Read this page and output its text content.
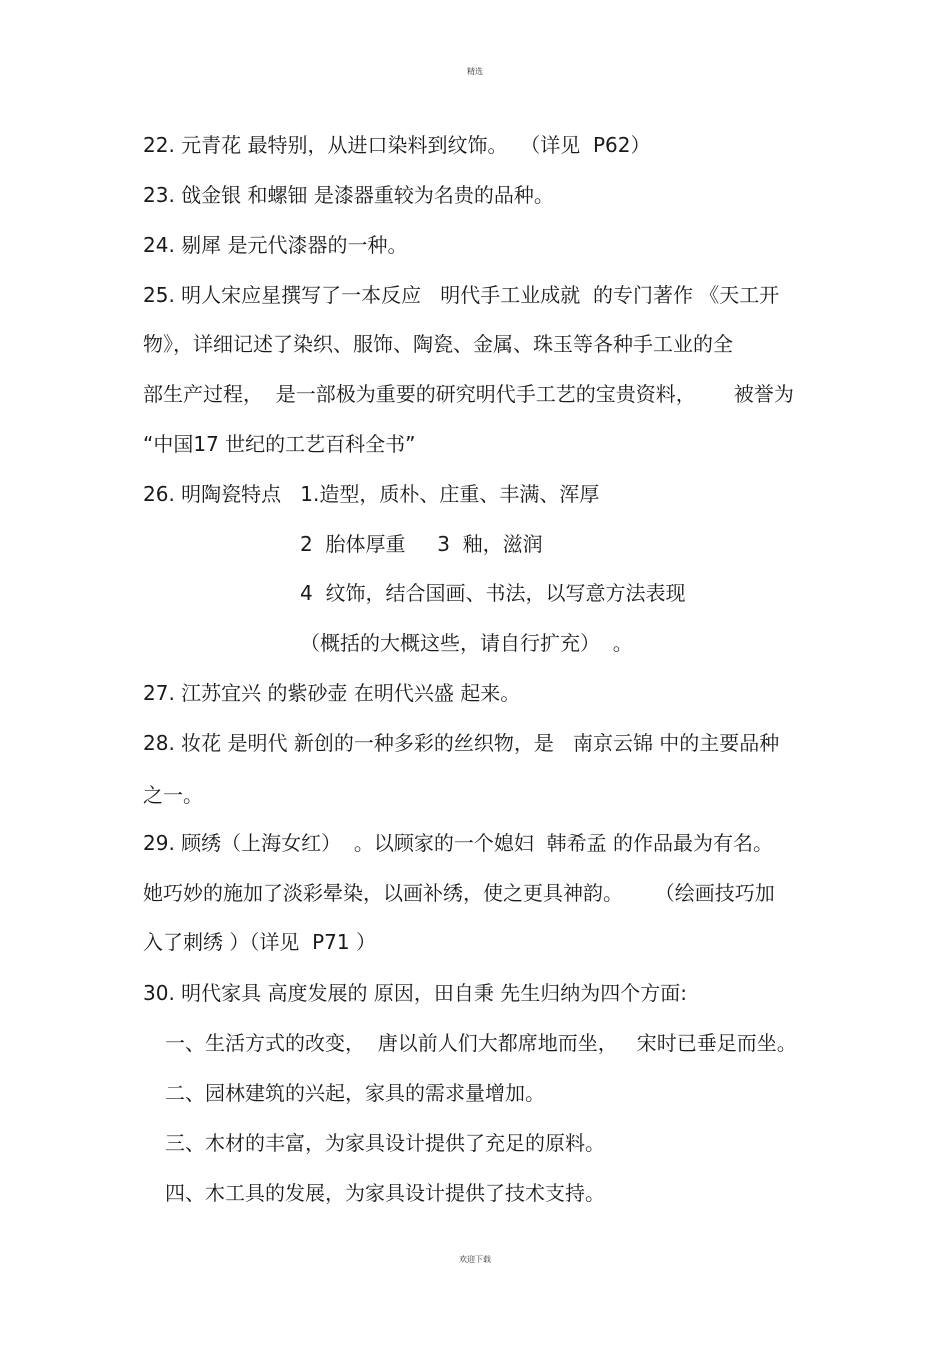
精选
22. 元青花 最特别，从进口染料到纹饰。  （详见  P62）
23. 戗金银 和螺钿 是漆器重较为名贵的品种。
24. 剔犀 是元代漆器的一种。
25. 明人宋应星撰写了一本反应   明代手工业成就  的专门著作 《天工开
物》，详细记述了染织、服饰、陶瓷、金属、珠玉等各种手工业的全
部生产过程，  是一部极为重要的研究明代手工艺的宝贵资料，      被誉为
“中国17 世纪的工艺百科全书”
26. 明陶瓷特点   1.造型，质朴、庄重、丰满、浑厚
2  胎体厚重     3  釉，滋润
4  纹饰，结合国画、书法，以写意方法表现
（概括的大概这些，请自行扩充）  。
27. 江苏宜兴 的紫砂壶 在明代兴盛 起来。
28. 妆花 是明代 新创的一种多彩的丝织物，是   南京云锦 中的主要品种
之一。
29. 顾绣（上海女红）  。以顾家的一个媳妇  韩希孟 的作品最为有名。
她巧妙的施加了淡彩晕染，以画补绣，使之更具神韵。     （绘画技巧加
入了刺绣 ）（详见  P71 ）
30. 明代家具 高度发展的 原因，田自秉 先生归纳为四个方面:
一、生活方式的改变，  唐以前人们大都席地而坐，   宋时已垂足而坐。
二、园林建筑的兴起，家具的需求量增加。
三、木材的丰富，为家具设计提供了充足的原料。
四、木工具的发展，为家具设计提供了技术支持。
欢迎下载
